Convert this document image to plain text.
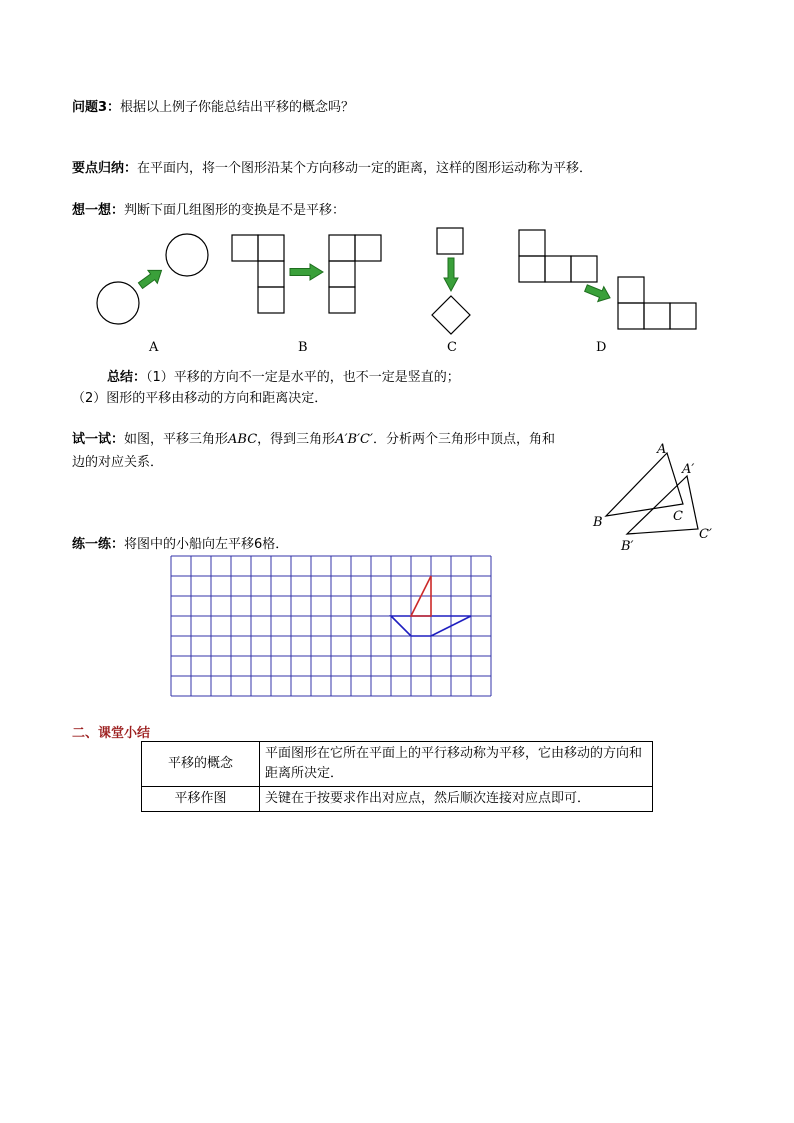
问题3：根据以上例子你能总结出平移的概念吗？
要点归纳：在平面内，将一个图形沿某个方向移动一定的距离，这样的图形运动称为平移．
想一想：判断下面几组图形的变换是不是平移：
A	B	C	D
总结：（1）平移的方向不一定是水平的，也不一定是竖直的；
（2）图形的平移由移动的方向和距离决定．
试一试：如图，平移三角形ABC，得到三角形A′B′C′．分析两个三角形中顶点，角和
边的对应关系．
A
A′
B
B′
C
C′
练一练：将图中的小船向左平移6格．
二、课堂小结
平移的概念	平面图形在它所在平面上的平行移动称为平移，它由移动的方向和距离所决定．
平移作图	关键在于按要求作出对应点，然后顺次连接对应点即可．
